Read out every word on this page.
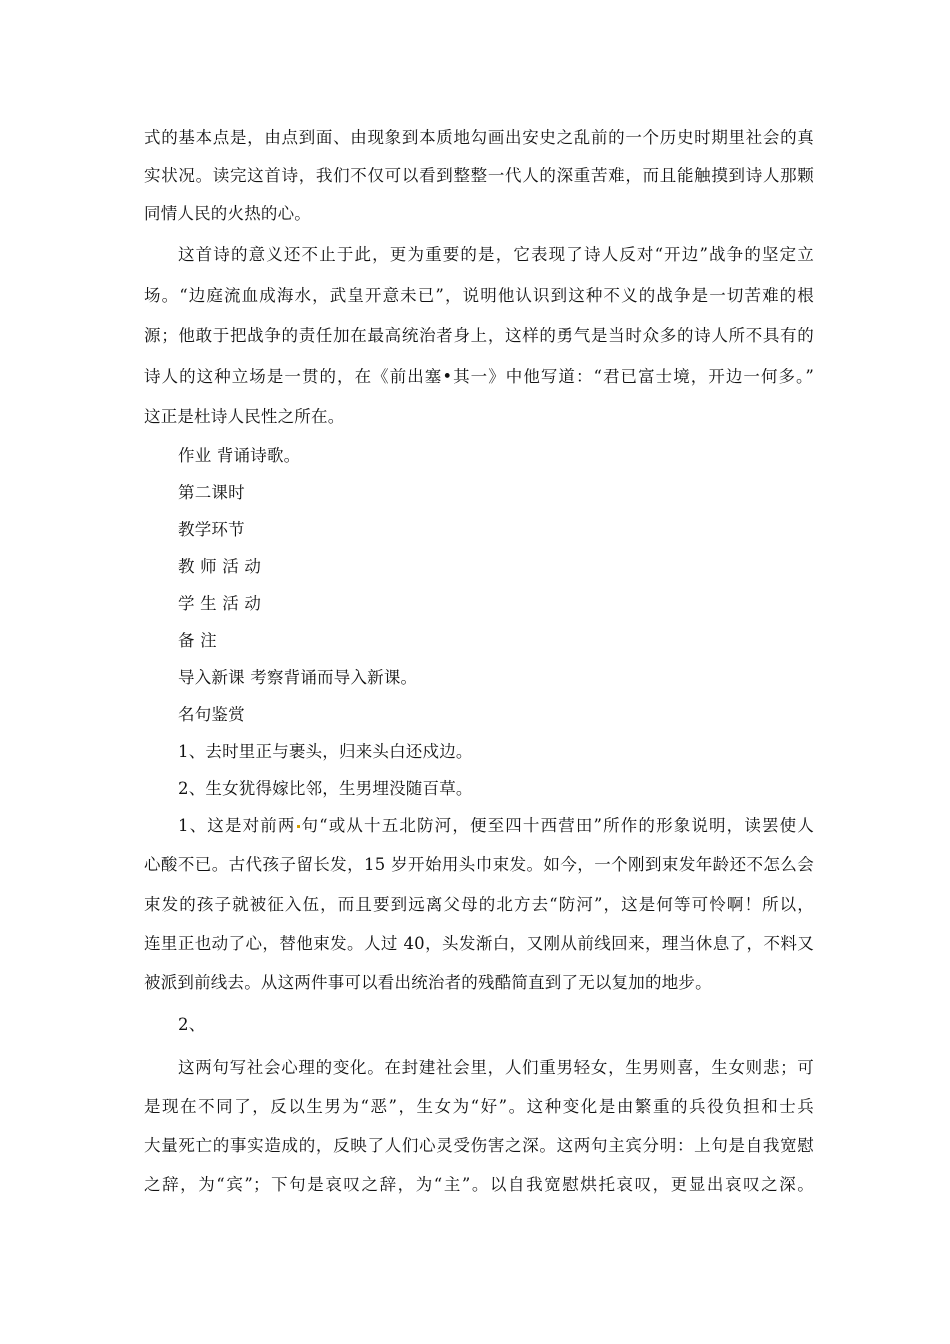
式的基本点是，由点到面、由现象到本质地勾画出安史之乱前的一个历史时期里社会的真
实状况。读完这首诗，我们不仅可以看到整整一代人的深重苦难，而且能触摸到诗人那颗
同情人民的火热的心。
这首诗的意义还不止于此，更为重要的是，它表现了诗人反对“开边”战争的坚定立
场。“边庭流血成海水，武皇开意未已”，说明他认识到这种不义的战争是一切苦难的根
源；他敢于把战争的责任加在最高统治者身上，这样的勇气是当时众多的诗人所不具有的
诗人的这种立场是一贯的，在《前出塞•其一》中他写道：“君已富士境，开边一何多。”
这正是杜诗人民性之所在。
作业 背诵诗歌。
第二课时
教学环节
教 师 活 动
学 生 活 动
备 注
导入新课 考察背诵而导入新课。
名句鉴赏
1、去时里正与裹头，归来头白还戍边。
2、生女犹得嫁比邻，生男埋没随百草。
1、这是对前两 句“或从十五北防河，便至四十西营田”所作的形象说明，读罢使人
心酸不已。古代孩子留长发，15 岁开始用头巾束发。如今，一个刚到束发年龄还不怎么会
束发的孩子就被征入伍，而且要到远离父母的北方去“防河”，这是何等可怜啊！所以，
连里正也动了心，替他束发。人过 40，头发渐白，又刚从前线回来，理当休息了，不料又
被派到前线去。从这两件事可以看出统治者的残酷简直到了无以复加的地步。
2、
这两句写社会心理的变化。在封建社会里，人们重男轻女，生男则喜，生女则悲；可
是现在不同了，反以生男为“恶”，生女为“好”。这种变化是由繁重的兵役负担和士兵
大量死亡的事实造成的，反映了人们心灵受伤害之深。这两句主宾分明：上句是自我宽慰
之辞，为“宾”；下句是哀叹之辞，为“主”。以自我宽慰烘托哀叹，更显出哀叹之深。
